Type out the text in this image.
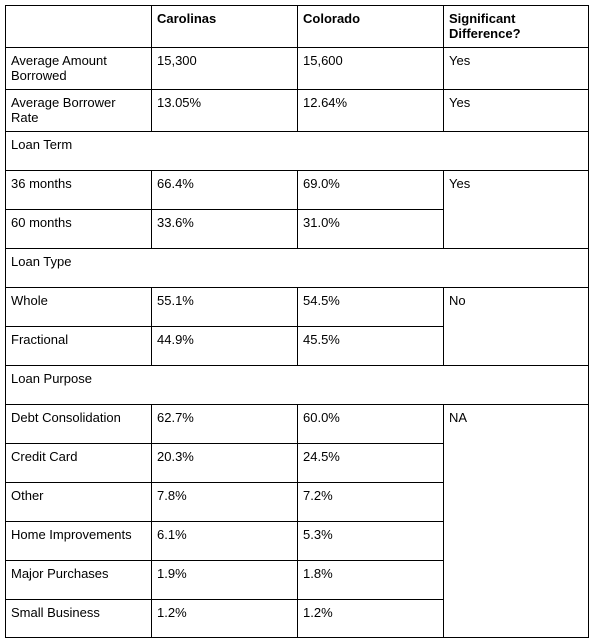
	Carolinas	Colorado	Significant Difference?
Average Amount Borrowed	15,300	15,600	Yes
Average Borrower Rate	13.05%	12.64%	Yes
Loan Term			
36 months	66.4%	69.0%	Yes
60 months	33.6%	31.0%	
Loan Type			
Whole	55.1%	54.5%	No
Fractional	44.9%	45.5%	
Loan Purpose			
Debt Consolidation	62.7%	60.0%	NA
Credit Card	20.3%	24.5%	
Other	7.8%	7.2%	
Home Improvements	6.1%	5.3%	
Major Purchases	1.9%	1.8%	
Small Business	1.2%	1.2%	
